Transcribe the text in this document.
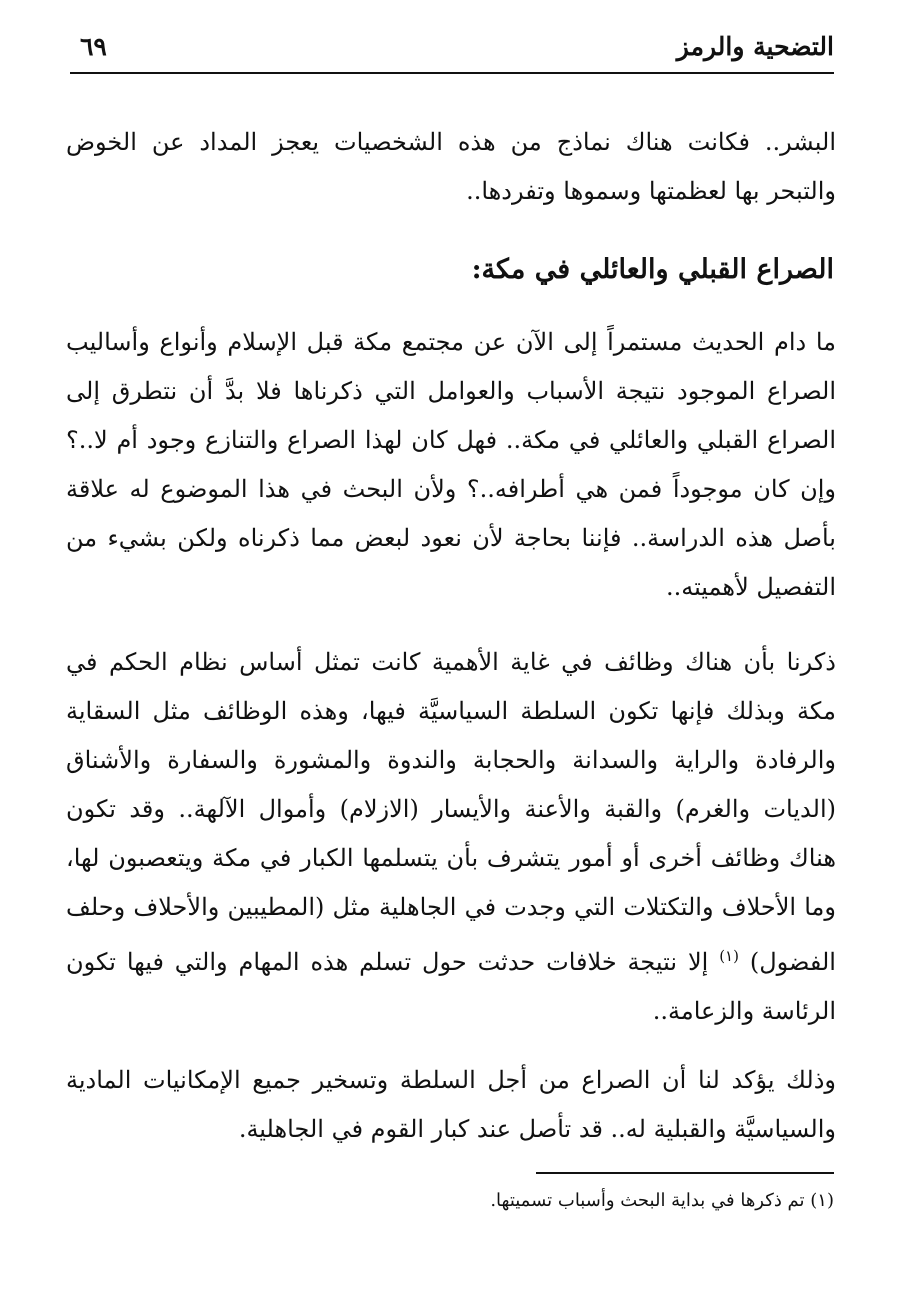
التضحية والرمز
٦٩

البشر.. فكانت هناك نماذج من هذه الشخصيات يعجز المداد عن الخوض والتبحر بها لعظمتها وسموها وتفردها..

الصراع القبلي والعائلي في مكة:

ما دام الحديث مستمراً إلى الآن عن مجتمع مكة قبل الإسلام وأنواع وأساليب الصراع الموجود نتيجة الأسباب والعوامل التي ذكرناها فلا بدَّ أن نتطرق إلى الصراع القبلي والعائلي في مكة.. فهل كان لهذا الصراع والتنازع وجود أم لا..؟ وإن كان موجوداً فمن هي أطرافه..؟ ولأن البحث في هذا الموضوع له علاقة بأصل هذه الدراسة.. فإننا بحاجة لأن نعود لبعض مما ذكرناه ولكن بشيء من التفصيل لأهميته..

ذكرنا بأن هناك وظائف في غاية الأهمية كانت تمثل أساس نظام الحكم في مكة وبذلك فإنها تكون السلطة السياسيَّة فيها، وهذه الوظائف مثل السقاية والرفادة والراية والسدانة والحجابة والندوة والمشورة والسفارة والأشناق (الديات والغرم) والقبة والأعنة والأيسار (الازلام) وأموال الآلهة.. وقد تكون هناك وظائف أخرى أو أمور يتشرف بأن يتسلمها الكبار في مكة ويتعصبون لها، وما الأحلاف والتكتلات التي وجدت في الجاهلية مثل (المطيبين والأحلاف وحلف الفضول) $^{(١)}$ إلا نتيجة خلافات حدثت حول تسلم هذه المهام والتي فيها تكون الرئاسة والزعامة..

وذلك يؤكد لنا أن الصراع من أجل السلطة وتسخير جميع الإمكانيات المادية والسياسيَّة والقبلية له.. قد تأصل عند كبار القوم في الجاهلية.

(١) تم ذكرها في بداية البحث وأسباب تسميتها.
